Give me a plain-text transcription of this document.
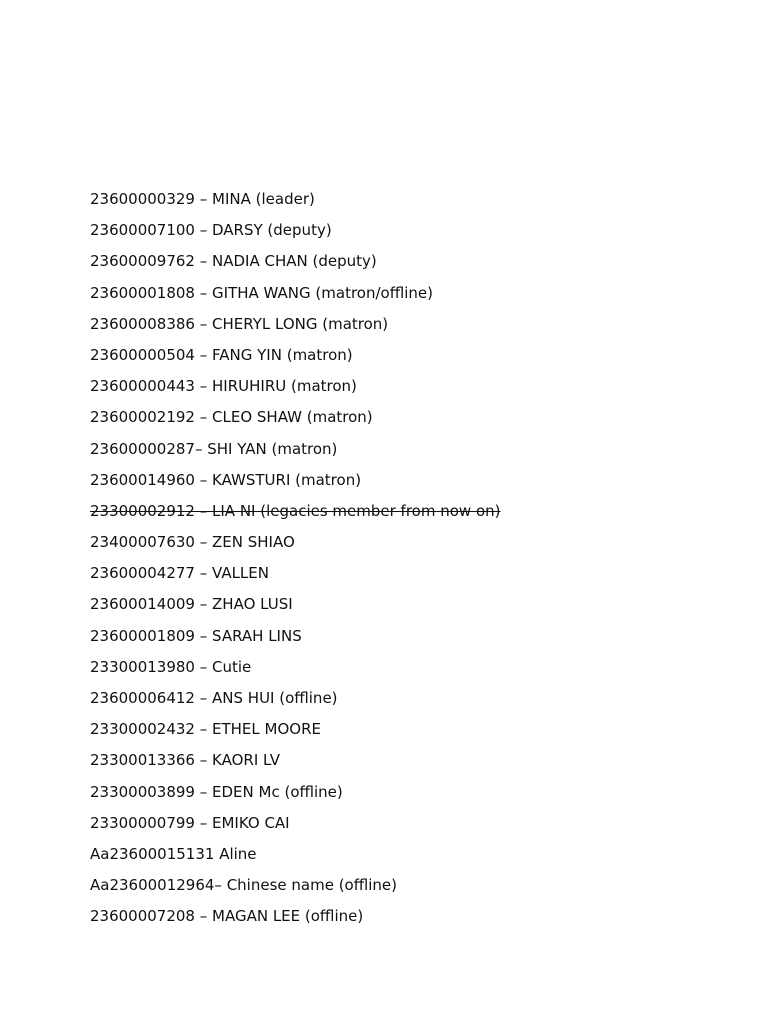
23600000329 – MINA (leader)
23600007100 – DARSY (deputy)
23600009762 – NADIA CHAN (deputy)
23600001808 – GITHA WANG (matron/offline)
23600008386 – CHERYL LONG (matron)
23600000504 – FANG YIN (matron)
23600000443 – HIRUHIRU (matron)
23600002192 – CLEO SHAW (matron)
23600000287– SHI YAN (matron)
23600014960 – KAWSTURI (matron)
23300002912 – LIA NI (legacies member from now on)
23400007630 – ZEN SHIAO
23600004277 – VALLEN
23600014009 – ZHAO LUSI
23600001809 – SARAH LINS
23300013980 – Cutie
23600006412 – ANS HUI (offline)
23300002432 – ETHEL MOORE
23300013366 – KAORI LV
23300003899 – EDEN Mc (offline)
23300000799 – EMIKO CAI
Aa23600015131 Aline
Aa23600012964– Chinese name (offline)
23600007208 – MAGAN LEE (offline)
